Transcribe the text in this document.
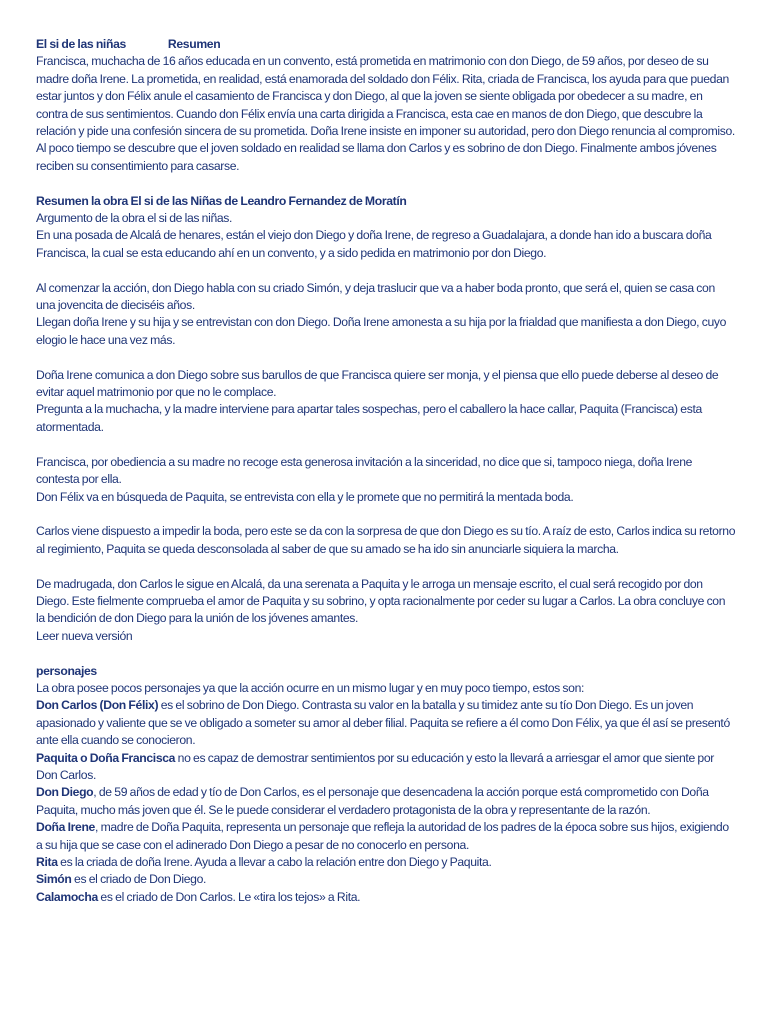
El si de las niñas	Resumen
Francisca, muchacha de 16 años educada en un convento, está prometida en matrimonio con don Diego, de 59 años, por deseo de su madre doña Irene. La prometida, en realidad, está enamorada del soldado don Félix. Rita, criada de Francisca, los ayuda para que puedan estar juntos y don Félix anule el casamiento de Francisca y don Diego, al que la joven se siente obligada por obedecer a su madre, en contra de sus sentimientos. Cuando don Félix envía una carta dirigida a Francisca, esta cae en manos de don Diego, que descubre la relación y pide una confesión sincera de su prometida. Doña Irene insiste en imponer su autoridad, pero don Diego renuncia al compromiso. Al poco tiempo se descubre que el joven soldado en realidad se llama don Carlos y es sobrino de don Diego. Finalmente ambos jóvenes reciben su consentimiento para casarse.
Resumen la obra El si de las Niñas de Leandro Fernandez de Moratín
Argumento de la obra el si de las niñas.
En una posada de Alcalá de henares, están el viejo don Diego y doña Irene, de regreso a Guadalajara, a donde han ido a buscara doña Francisca, la cual se esta educando ahí en un convento, y a sido pedida en matrimonio por don Diego.
Al comenzar la acción, don Diego habla con su criado Simón, y deja traslucir que va a haber boda pronto, que será el, quien se casa con una jovencita de dieciséis años.
Llegan doña Irene y su hija y se entrevistan con don Diego. Doña Irene amonesta a su hija por la frialdad que manifiesta a don Diego, cuyo elogio le hace una vez más.
Doña Irene comunica a don Diego sobre sus barullos de que Francisca quiere ser monja, y el piensa que ello puede deberse al deseo de evitar aquel matrimonio por que no le complace.
Pregunta a la muchacha, y la madre interviene para apartar tales sospechas, pero el caballero la hace callar, Paquita (Francisca) esta atormentada.
Francisca, por obediencia a su madre no recoge esta generosa invitación a la sinceridad, no dice que si, tampoco niega, doña Irene contesta por ella.
Don Félix va en búsqueda de Paquita, se entrevista con ella y le promete que no permitirá la mentada boda.
Carlos viene dispuesto a impedir la boda, pero este se da con la sorpresa de que don Diego es su tío. A raíz de esto, Carlos indica su retorno al regimiento, Paquita se queda desconsolada al saber de que su amado se ha ido sin anunciarle siquiera la marcha.
De madrugada, don Carlos le sigue en Alcalá, da una serenata a Paquita y le arroga un mensaje escrito, el cual será recogido por don Diego. Este fielmente comprueba el amor de Paquita y su sobrino, y opta racionalmente por ceder su lugar a Carlos. La obra concluye con la bendición de don Diego para la unión de los jóvenes amantes.
Leer nueva versión
personajes
La obra posee pocos personajes ya que la acción ocurre en un mismo lugar y en muy poco tiempo, estos son:
Don Carlos (Don Félix) es el sobrino de Don Diego. Contrasta su valor en la batalla y su timidez ante su tío Don Diego. Es un joven apasionado y valiente que se ve obligado a someter su amor al deber filial. Paquita se refiere a él como Don Félix, ya que él así se presentó ante ella cuando se conocieron.
Paquita o Doña Francisca no es capaz de demostrar sentimientos por su educación y esto la llevará a arriesgar el amor que siente por Don Carlos.
Don Diego, de 59 años de edad y tío de Don Carlos, es el personaje que desencadena la acción porque está comprometido con Doña Paquita, mucho más joven que él. Se le puede considerar el verdadero protagonista de la obra y representante de la razón.
Doña Irene, madre de Doña Paquita, representa un personaje que refleja la autoridad de los padres de la época sobre sus hijos, exigiendo a su hija que se case con el adinerado Don Diego a pesar de no conocerlo en persona.
Rita es la criada de doña Irene. Ayuda a llevar a cabo la relación entre don Diego y Paquita.
Simón es el criado de Don Diego.
Calamocha es el criado de Don Carlos. Le «tira los tejos» a Rita.
